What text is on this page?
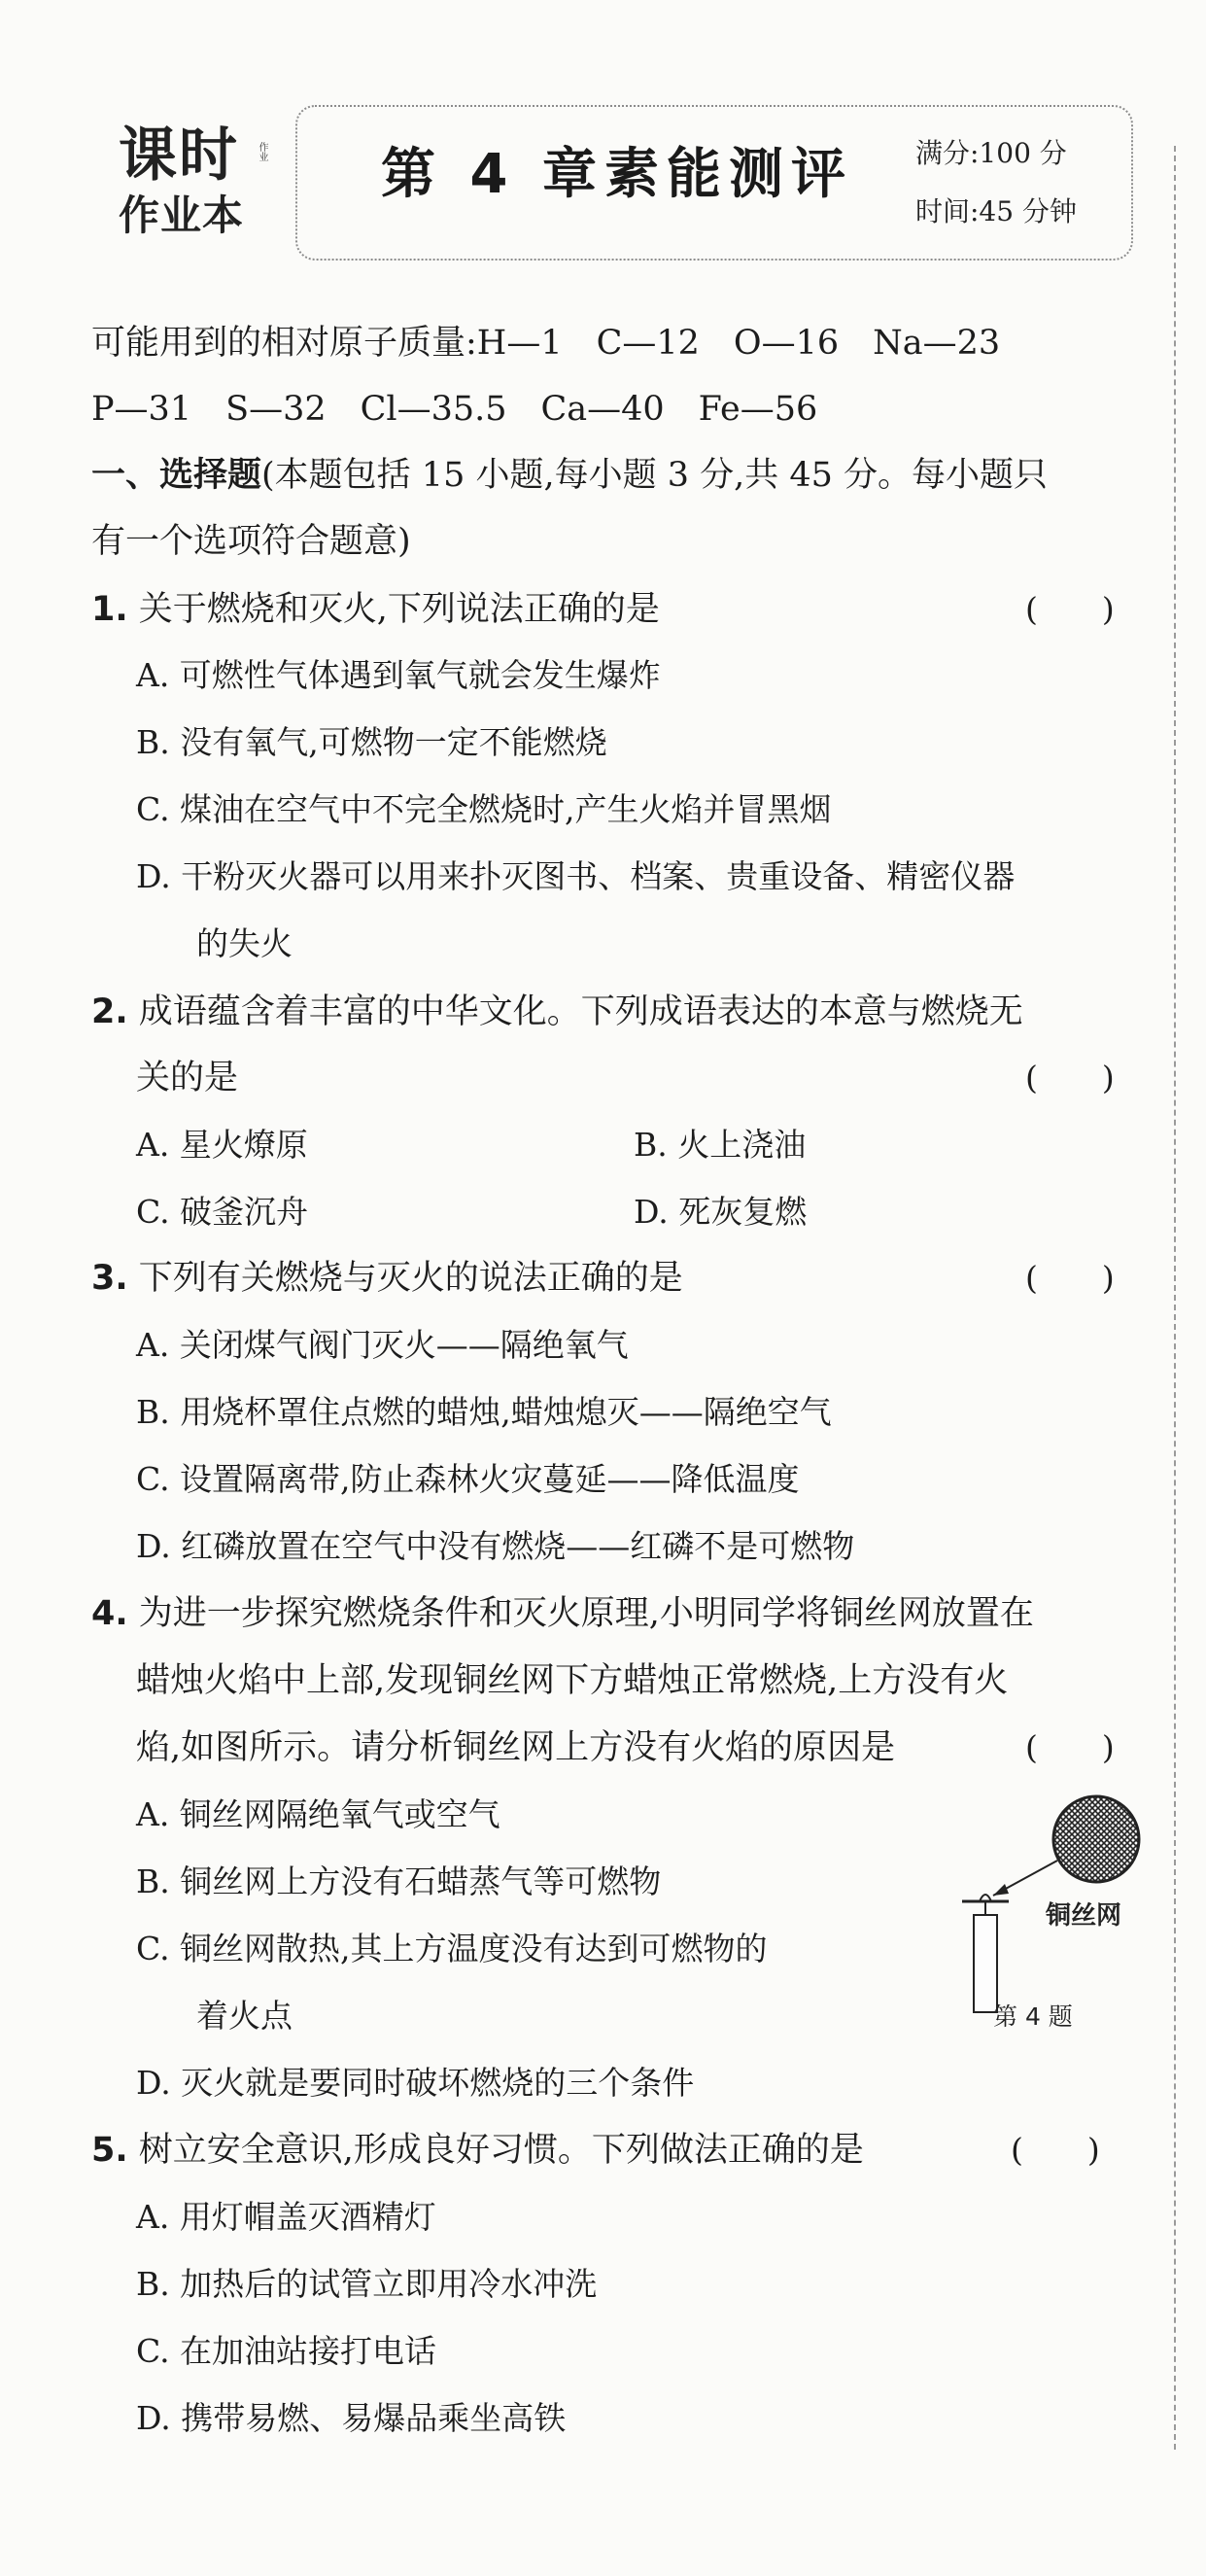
课时 作业
作业本
第 4 章素能测评 满分:100 分
时间:45 分钟
可能用到的相对原子质量:H—1　C—12　O—16　Na—23
P—31　S—32　Cl—35.5　Ca—40　Fe—56
一、选择题(本题包括 15 小题,每小题 3 分,共 45 分。每小题只
有一个选项符合题意)
1. 关于燃烧和灭火,下列说法正确的是	(　　)
A. 可燃性气体遇到氧气就会发生爆炸
B. 没有氧气,可燃物一定不能燃烧
C. 煤油在空气中不完全燃烧时,产生火焰并冒黑烟
D. 干粉灭火器可以用来扑灭图书、档案、贵重设备、精密仪器
的失火
2. 成语蕴含着丰富的中华文化。下列成语表达的本意与燃烧无
关的是	(　　)
A. 星火燎原	B. 火上浇油
C. 破釜沉舟	D. 死灰复燃
3. 下列有关燃烧与灭火的说法正确的是	(　　)
A. 关闭煤气阀门灭火——隔绝氧气
B. 用烧杯罩住点燃的蜡烛,蜡烛熄灭——隔绝空气
C. 设置隔离带,防止森林火灾蔓延——降低温度
D. 红磷放置在空气中没有燃烧——红磷不是可燃物
4. 为进一步探究燃烧条件和灭火原理,小明同学将铜丝网放置在
蜡烛火焰中上部,发现铜丝网下方蜡烛正常燃烧,上方没有火
焰,如图所示。请分析铜丝网上方没有火焰的原因是	(　　)
A. 铜丝网隔绝氧气或空气
B. 铜丝网上方没有石蜡蒸气等可燃物
C. 铜丝网散热,其上方温度没有达到可燃物的
着火点
D. 灭火就是要同时破坏燃烧的三个条件
铜丝网
第 4 题
5. 树立安全意识,形成良好习惯。下列做法正确的是	(　　)
A. 用灯帽盖灭酒精灯
B. 加热后的试管立即用冷水冲洗
C. 在加油站接打电话
D. 携带易燃、易爆品乘坐高铁
